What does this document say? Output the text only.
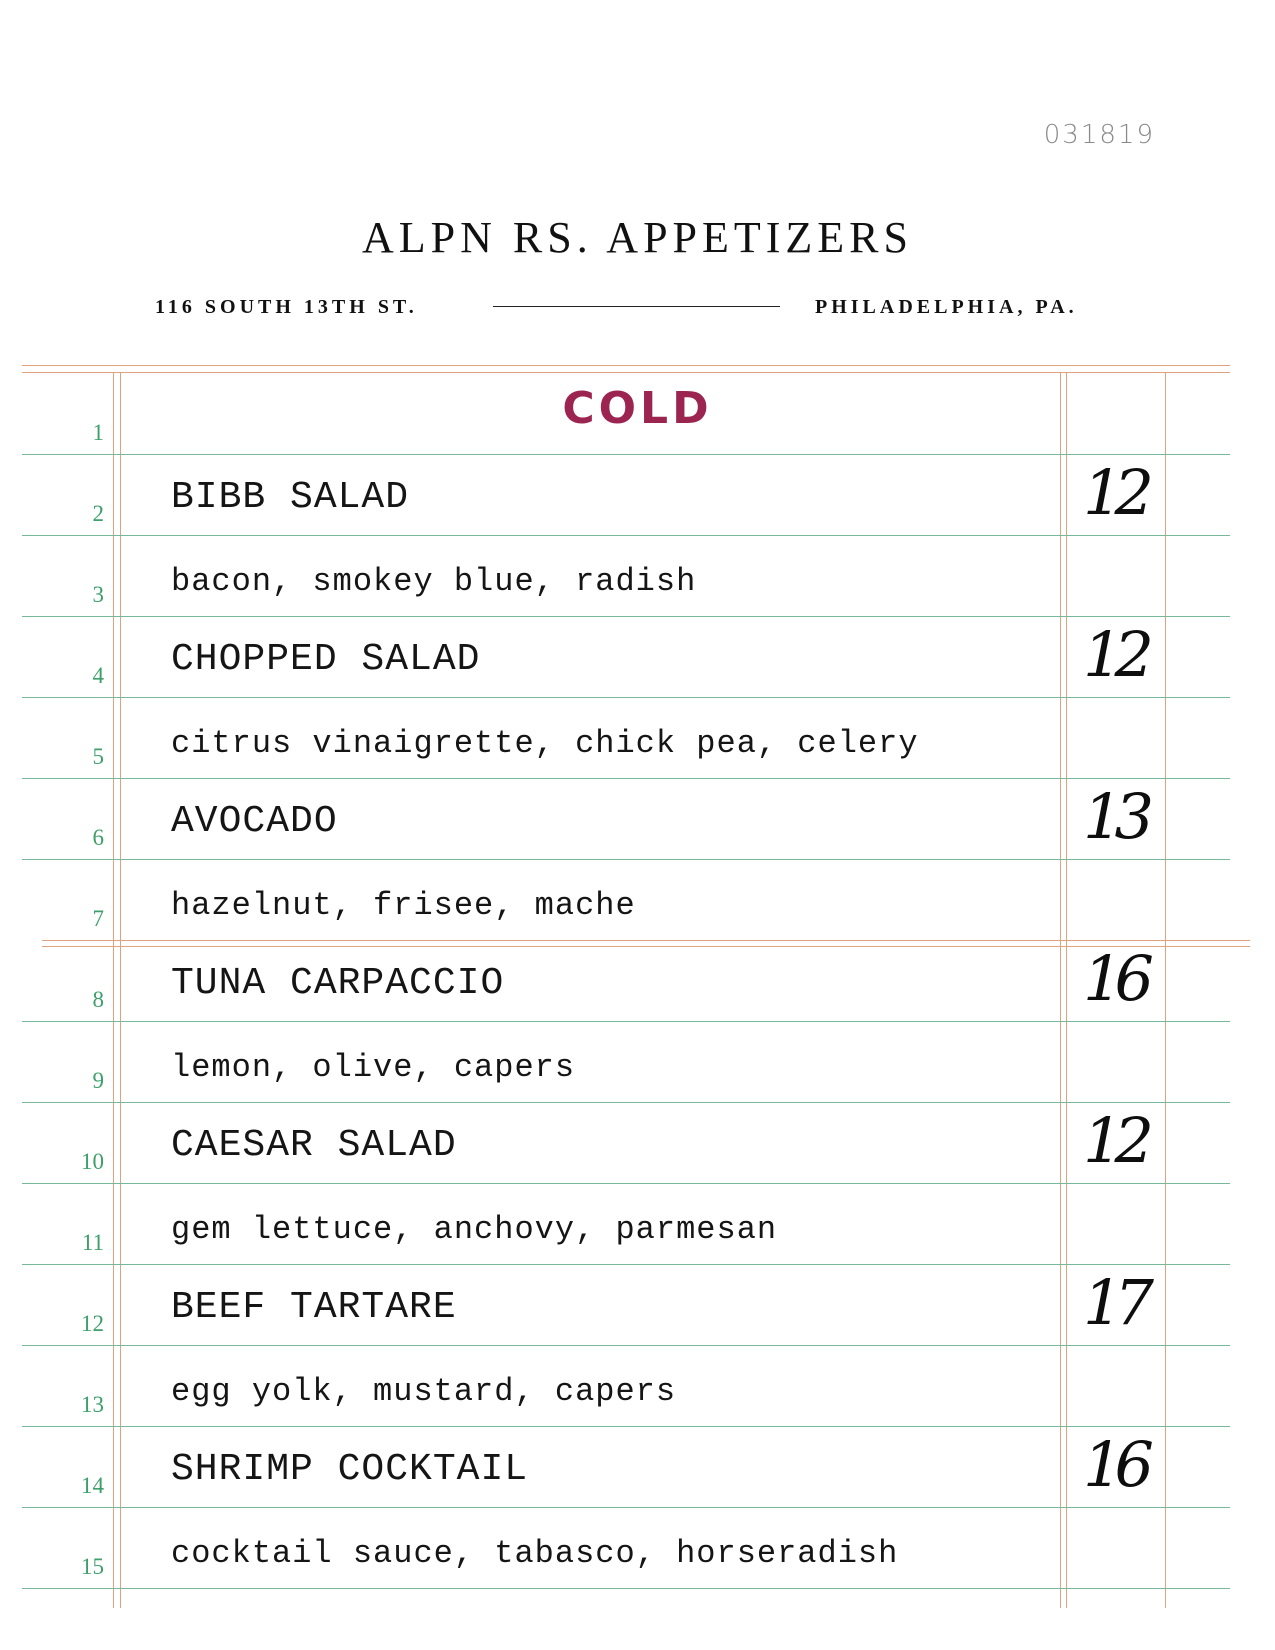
031819
ALPN RS. APPETIZERS
116 SOUTH 13TH ST.	PHILADELPHIA, PA.
1	COLD
2 BIBB SALAD	12
3 bacon, smokey blue, radish
4 CHOPPED SALAD	12
5 citrus vinaigrette, chick pea, celery
6 AVOCADO	13
7 hazelnut, frisee, mache
8 TUNA CARPACCIO	16
9 lemon, olive, capers
10 CAESAR SALAD	12
11 gem lettuce, anchovy, parmesan
12 BEEF TARTARE	17
13 egg yolk, mustard, capers
14 SHRIMP COCKTAIL	16
15 cocktail sauce, tabasco, horseradish
